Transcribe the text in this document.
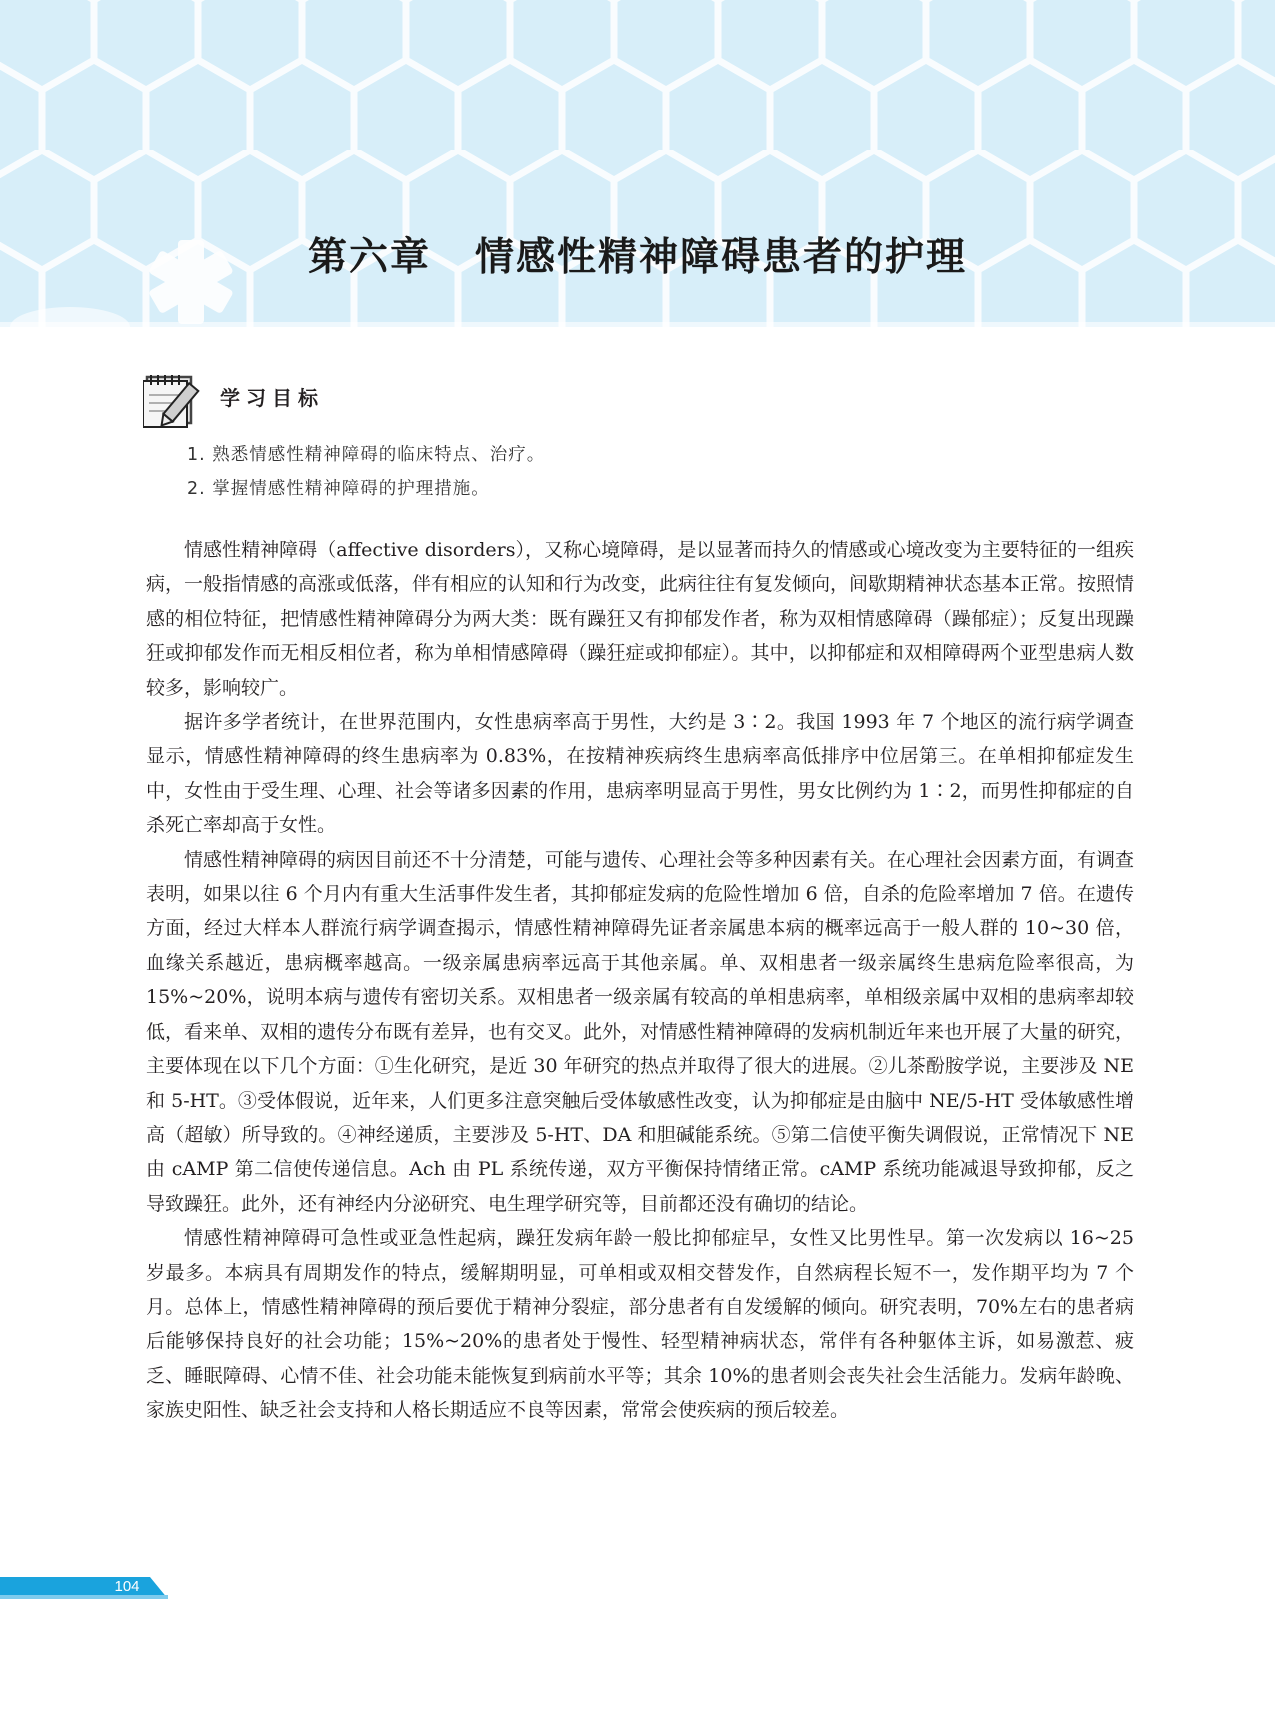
第六章 情感性精神障碍患者的护理
学习目标
1. 熟悉情感性精神障碍的临床特点、治疗。
2. 掌握情感性精神障碍的护理措施。

情感性精神障碍（affective disorders），又称心境障碍，是以显著而持久的情感或心境改变为主要特征的一组疾病，一般指情感的高涨或低落，伴有相应的认知和行为改变，此病往往有复发倾向，间歇期精神状态基本正常。按照情感的相位特征，把情感性精神障碍分为两大类：既有躁狂又有抑郁发作者，称为双相情感障碍（躁郁症）；反复出现躁狂或抑郁发作而无相反相位者，称为单相情感障碍（躁狂症或抑郁症）。其中，以抑郁症和双相障碍两个亚型患病人数较多，影响较广。

据许多学者统计，在世界范围内，女性患病率高于男性，大约是 3∶2。我国 1993 年 7 个地区的流行病学调查显示，情感性精神障碍的终生患病率为 0.83%，在按精神疾病终生患病率高低排序中位居第三。在单相抑郁症发生中，女性由于受生理、心理、社会等诸多因素的作用，患病率明显高于男性，男女比例约为 1∶2，而男性抑郁症的自杀死亡率却高于女性。

情感性精神障碍的病因目前还不十分清楚，可能与遗传、心理社会等多种因素有关。在心理社会因素方面，有调查表明，如果以往 6 个月内有重大生活事件发生者，其抑郁症发病的危险性增加 6 倍，自杀的危险率增加 7 倍。在遗传方面，经过大样本人群流行病学调查揭示，情感性精神障碍先证者亲属患本病的概率远高于一般人群的 10~30 倍，血缘关系越近，患病概率越高。一级亲属患病率远高于其他亲属。单、双相患者一级亲属终生患病危险率很高，为 15%~20%，说明本病与遗传有密切关系。双相患者一级亲属有较高的单相患病率，单相级亲属中双相的患病率却较低，看来单、双相的遗传分布既有差异，也有交叉。此外，对情感性精神障碍的发病机制近年来也开展了大量的研究，主要体现在以下几个方面：①生化研究，是近 30 年研究的热点并取得了很大的进展。②儿茶酚胺学说，主要涉及 NE 和 5-HT。③受体假说，近年来，人们更多注意突触后受体敏感性改变，认为抑郁症是由脑中 NE/5-HT 受体敏感性增高（超敏）所导致的。④神经递质，主要涉及 5-HT、DA 和胆碱能系统。⑤第二信使平衡失调假说，正常情况下 NE 由 cAMP 第二信使传递信息。Ach 由 PL 系统传递，双方平衡保持情绪正常。cAMP 系统功能减退导致抑郁，反之导致躁狂。此外，还有神经内分泌研究、电生理学研究等，目前都还没有确切的结论。

情感性精神障碍可急性或亚急性起病，躁狂发病年龄一般比抑郁症早，女性又比男性早。第一次发病以 16~25 岁最多。本病具有周期发作的特点，缓解期明显，可单相或双相交替发作，自然病程长短不一，发作期平均为 7 个月。总体上，情感性精神障碍的预后要优于精神分裂症，部分患者有自发缓解的倾向。研究表明，70%左右的患者病后能够保持良好的社会功能；15%~20%的患者处于慢性、轻型精神病状态，常伴有各种躯体主诉，如易激惹、疲乏、睡眠障碍、心情不佳、社会功能未能恢复到病前水平等；其余 10%的患者则会丧失社会生活能力。发病年龄晚、家族史阳性、缺乏社会支持和人格长期适应不良等因素，常常会使疾病的预后较差。

104
